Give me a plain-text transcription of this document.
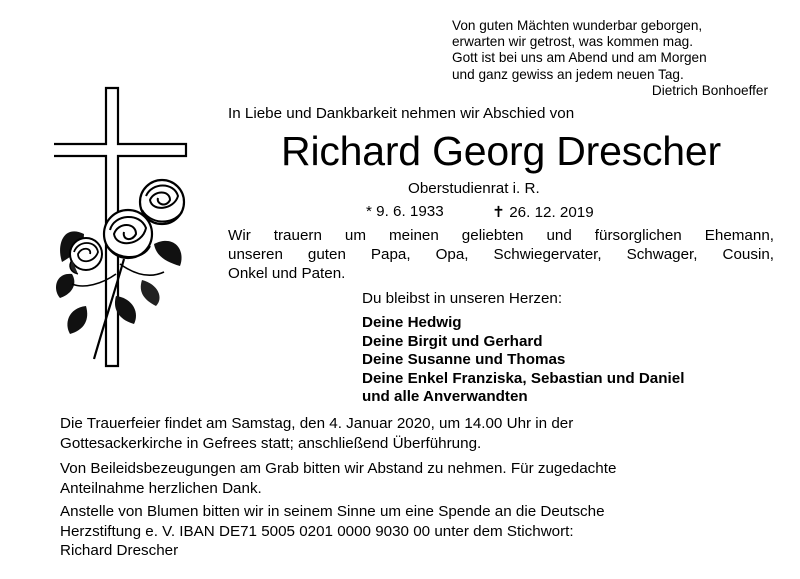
Von guten Mächten wunderbar geborgen,
erwarten wir getrost, was kommen mag.
Gott ist bei uns am Abend und am Morgen
und ganz gewiss an jedem neuen Tag.
Dietrich Bonhoeffer
In Liebe und Dankbarkeit nehmen wir Abschied von
Richard Georg Drescher
Oberstudienrat i. R.
* 9. 6. 1933	✝ 26. 12. 2019
Wir trauern um meinen geliebten und fürsorglichen Ehemann,
unseren guten Papa, Opa, Schwiegervater, Schwager, Cousin,
Onkel und Paten.
Du bleibst in unseren Herzen:
Deine Hedwig
Deine Birgit und Gerhard
Deine Susanne und Thomas
Deine Enkel Franziska, Sebastian und Daniel
und alle Anverwandten
Die Trauerfeier findet am Samstag, den 4. Januar 2020, um 14.00 Uhr in der
Gottesackerkirche in Gefrees statt; anschließend Überführung.
Von Beileidsbezeugungen am Grab bitten wir Abstand zu nehmen. Für zugedachte
Anteilnahme herzlichen Dank.
Anstelle von Blumen bitten wir in seinem Sinne um eine Spende an die Deutsche
Herzstiftung e. V. IBAN DE71 5005 0201 0000 9030 00 unter dem Stichwort:
Richard Drescher
